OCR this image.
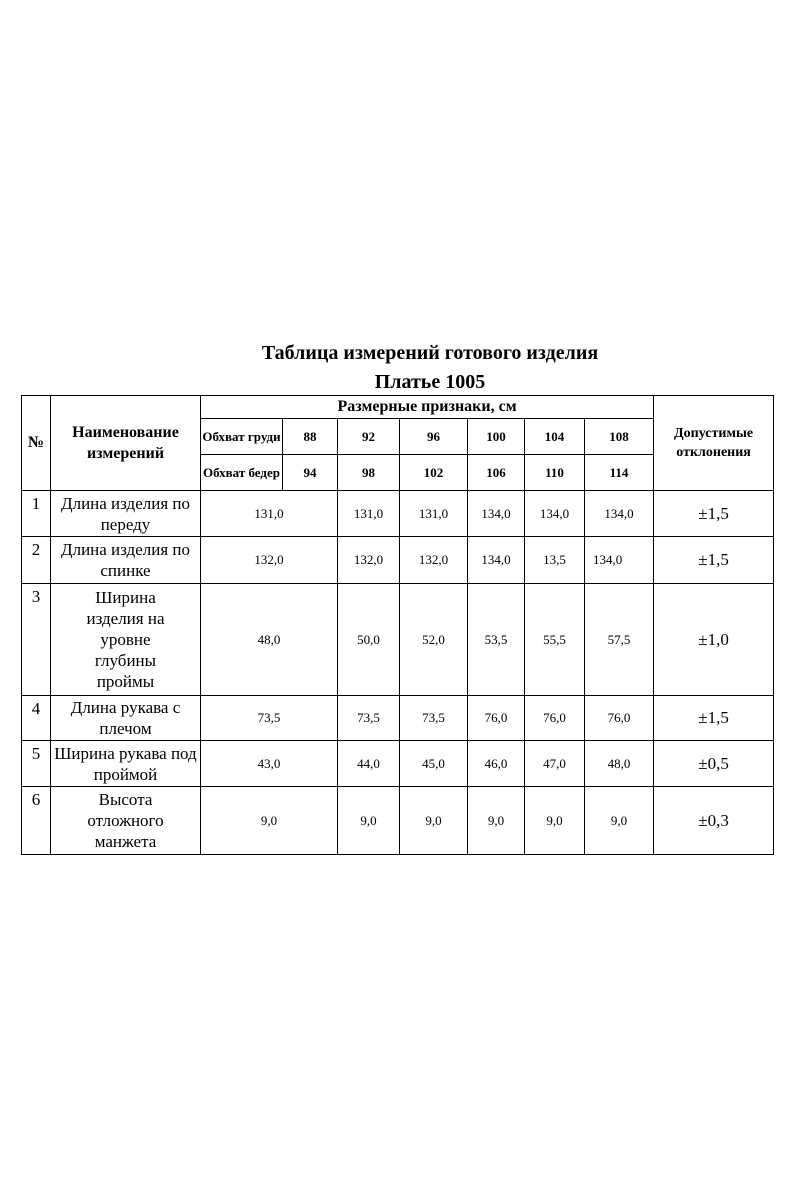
Таблица измерений готового изделия
Платье 1005
№	Наименование измерений	Размерные признаки, см							Допустимые отклонения
		Обхват груди	88	92	96	100	104	108	
		Обхват бедер	94	98	102	106	110	114	
1	Длина изделия по переду	131,0		131,0	131,0	134,0	134,0	134,0	±1,5
2	Длина изделия по спинке	132,0		132,0	132,0	134,0	13,5	134,0	±1,5
3	Ширина изделия на уровне глубины проймы	48,0		50,0	52,0	53,5	55,5	57,5	±1,0
4	Длина рукава с плечом	73,5		73,5	73,5	76,0	76,0	76,0	±1,5
5	Ширина рукава под проймой	43,0		44,0	45,0	46,0	47,0	48,0	±0,5
6	Высота отложного манжета	9,0		9,0	9,0	9,0	9,0	9,0	±0,3
